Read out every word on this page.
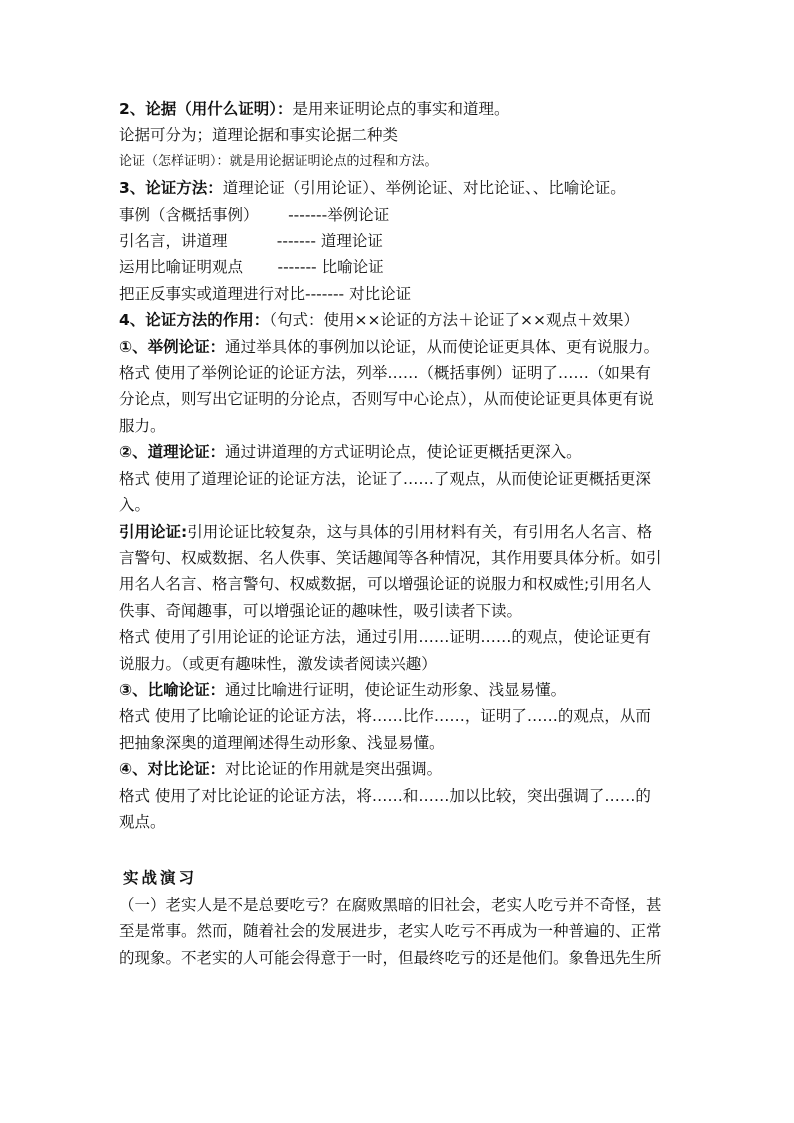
2、论据（用什么证明）：是用来证明论点的事实和道理。

论据可分为；道理论据和事实论据二种类

论证（怎样证明）：就是用论据证明论点的过程和方法。

3、论证方法：道理论证（引用论证）、举例论证、对比论证、、比喻论证。

事例（含概括事例）      -------举例论证

引名言，讲道理          ------- 道理论证

运用比喻证明观点       ------- 比喻论证

把正反事实或道理进行对比------- 对比论证

4、论证方法的作用：（句式：使用××论证的方法＋论证了××观点＋效果）

①、举例论证：通过举具体的事例加以论证，从而使论证更具体、更有说服力。

格式 使用了举例论证的论证方法，列举……（概括事例）证明了……（如果有

分论点，则写出它证明的分论点，否则写中心论点），从而使论证更具体更有说

服力。

②、道理论证：通过讲道理的方式证明论点，使论证更概括更深入。

格式 使用了道理论证的论证方法，论证了……了观点，从而使论证更概括更深

入。

引用论证:引用论证比较复杂，这与具体的引用材料有关，有引用名人名言、格

言警句、权威数据、名人佚事、笑话趣闻等各种情况，其作用要具体分析。如引

用名人名言、格言警句、权威数据，可以增强论证的说服力和权威性;引用名人

佚事、奇闻趣事，可以增强论证的趣味性，吸引读者下读。

格式 使用了引用论证的论证方法，通过引用……证明……的观点，使论证更有

说服力。（或更有趣味性，激发读者阅读兴趣）

③、比喻论证：通过比喻进行证明，使论证生动形象、浅显易懂。

格式 使用了比喻论证的论证方法，将……比作……，证明了……的观点，从而

把抽象深奥的道理阐述得生动形象、浅显易懂。

④、对比论证：对比论证的作用就是突出强调。

格式 使用了对比论证的论证方法，将……和……加以比较，突出强调了……的

观点。

实战演习

（一）老实人是不是总要吃亏？在腐败黑暗的旧社会，老实人吃亏并不奇怪，甚

至是常事。然而，随着社会的发展进步，老实人吃亏不再成为一种普遍的、正常

的现象。不老实的人可能会得意于一时，但最终吃亏的还是他们。象鲁迅先生所
